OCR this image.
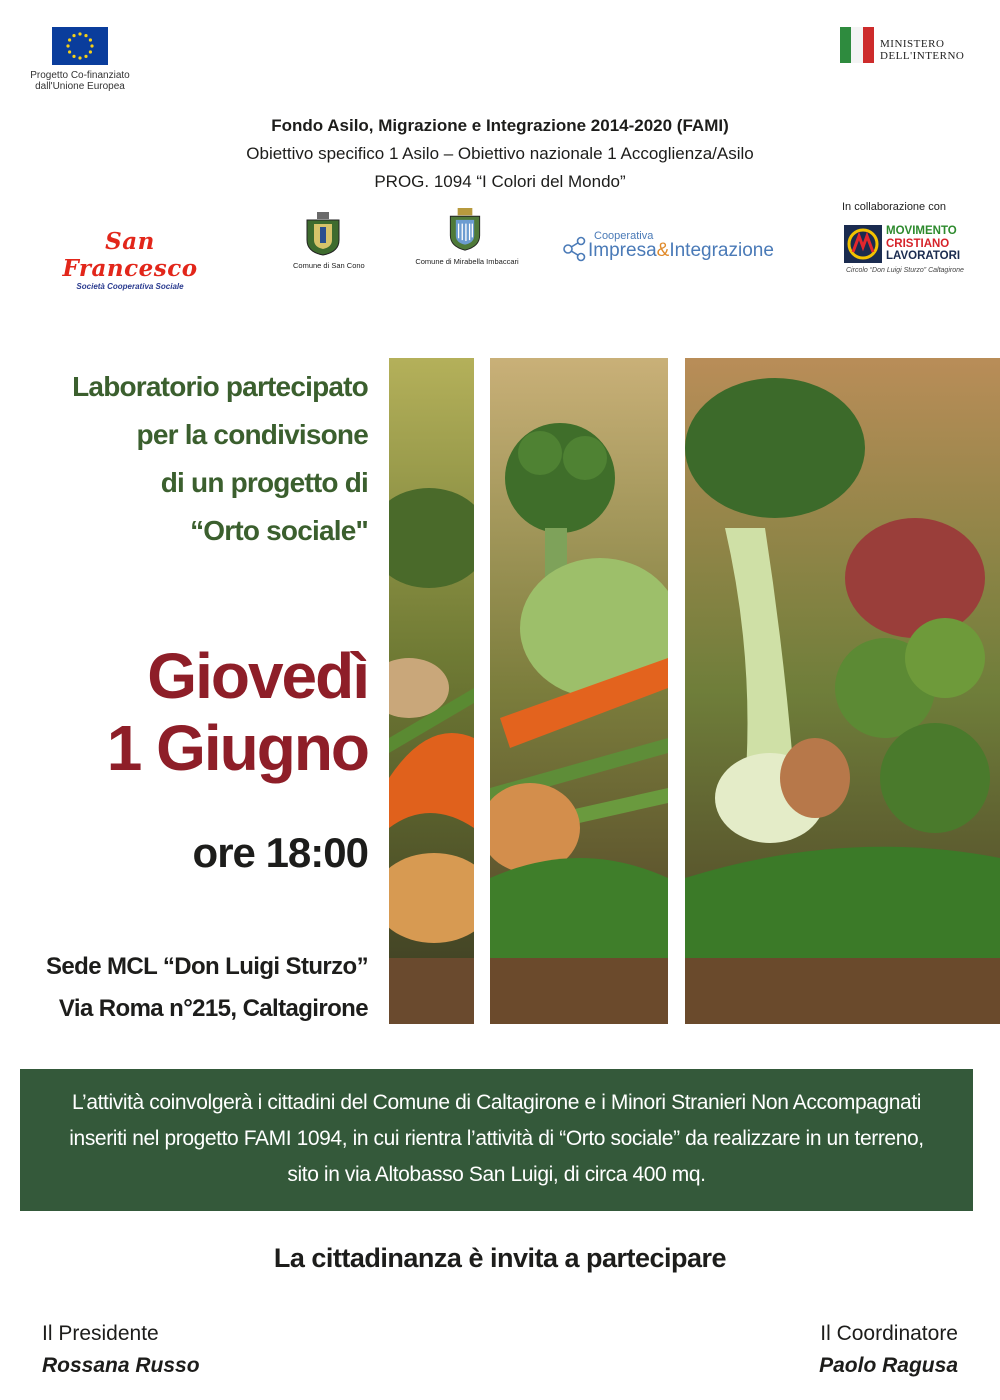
Progetto Co-finanziato
dall'Unione Europea
MINISTERO
DELL'INTERNO
Fondo Asilo, Migrazione e Integrazione 2014-2020 (FAMI)
Obiettivo specifico 1 Asilo – Obiettivo nazionale 1 Accoglienza/Asilo
PROG. 1094 “I Colori del Mondo”
San Francesco
Società Cooperativa Sociale
Comune di San Cono	Comune di Mirabella Imbaccari
Cooperativa
Impresa&Integrazione
In collaborazione con
MOVIMENTO
CRISTIANO
LAVORATORI
Circolo “Don Luigi Sturzo” Caltagirone
Laboratorio partecipato
per la condivisone
di un progetto di
“Orto sociale"
Giovedì
1 Giugno
ore 18:00
Sede MCL “Don Luigi Sturzo”
Via Roma n°215, Caltagirone
L’attività coinvolgerà i cittadini del Comune di Caltagirone e i Minori Stranieri Non Accompagnati
inseriti nel progetto FAMI 1094, in cui rientra l’attività di “Orto sociale” da realizzare in un terreno,
sito in via Altobasso San Luigi, di circa 400 mq.
La cittadinanza è invita a partecipare
Il Presidente
Rossana Russo
Il Coordinatore
Paolo Ragusa
